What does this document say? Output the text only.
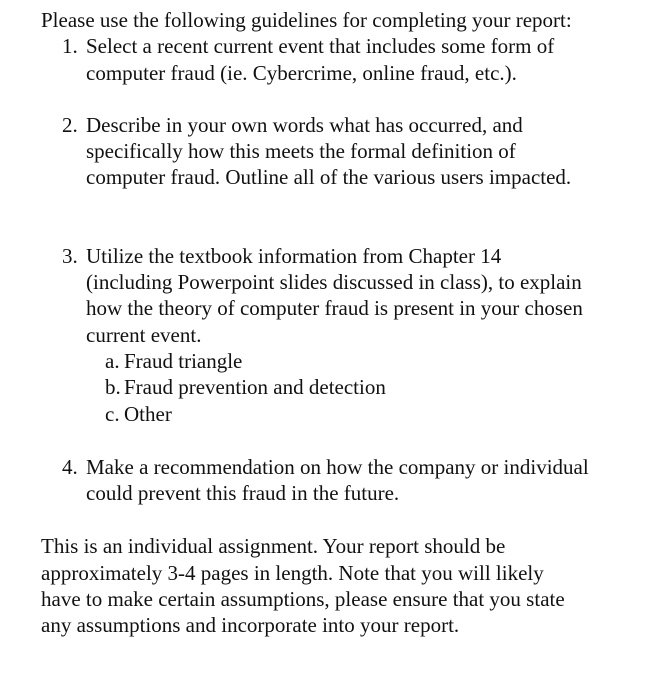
Please use the following guidelines for completing your report:

1. Select a recent current event that includes some form of
computer fraud (ie. Cybercrime, online fraud, etc.).
2. Describe in your own words what has occurred, and
specifically how this meets the formal definition of
computer fraud. Outline all of the various users impacted.
3. Utilize the textbook information from Chapter 14
(including Powerpoint slides discussed in class), to explain
how the theory of computer fraud is present in your chosen
current event.
a. Fraud triangle
b. Fraud prevention and detection
c. Other
4. Make a recommendation on how the company or individual
could prevent this fraud in the future.
This is an individual assignment. Your report should be
approximately 3-4 pages in length. Note that you will likely
have to make certain assumptions, please ensure that you state
any assumptions and incorporate into your report.
